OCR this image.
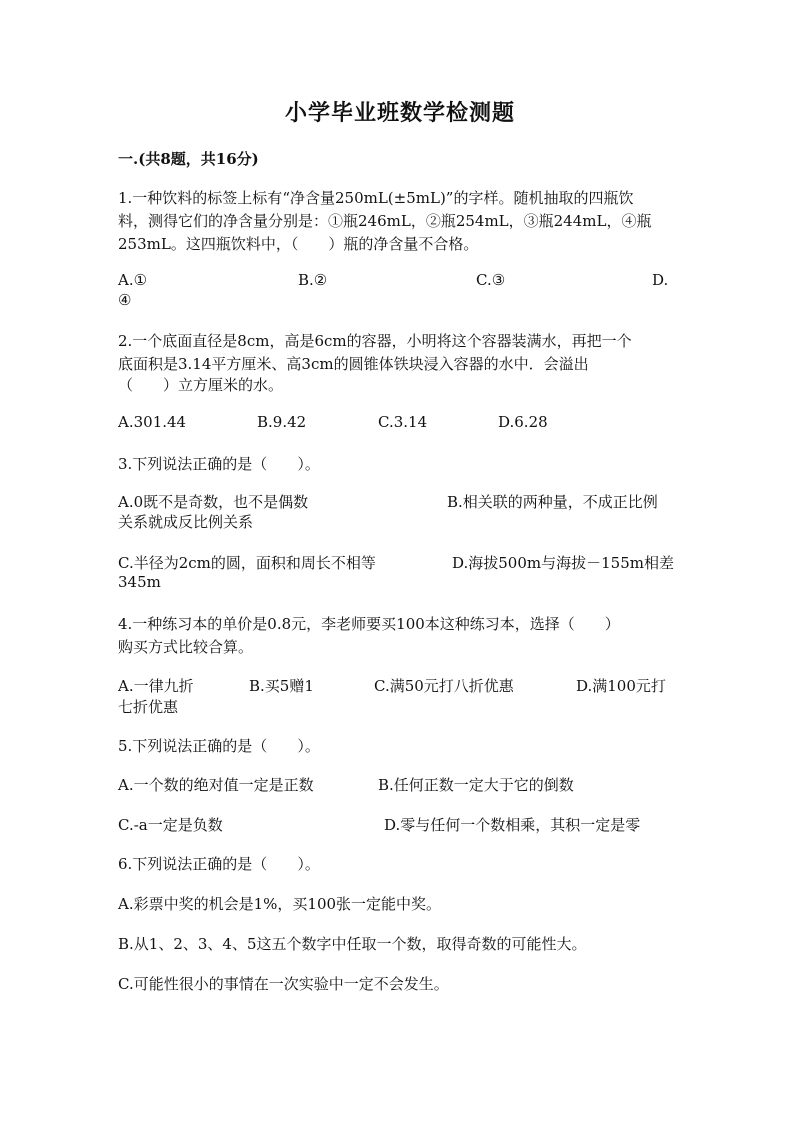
小学毕业班数学检测题
一.(共8题，共16分)
1.一种饮料的标签上标有“净含量250mL(±5mL)”的字样。随机抽取的四瓶饮
料，测得它们的净含量分别是：①瓶246mL，②瓶254mL，③瓶244mL，④瓶
253mL。这四瓶饮料中，（　　）瓶的净含量不合格。
A.①	B.②	C.③	D.
④
2.一个底面直径是8cm，高是6cm的容器，小明将这个容器装满水，再把一个
底面积是3.14平方厘米、高3cm的圆锥体铁块浸入容器的水中．会溢出
（　　）立方厘米的水。
A.301.44	B.9.42	C.3.14	D.6.28
3.下列说法正确的是（　　）。
A.0既不是奇数，也不是偶数	B.相关联的两种量，不成正比例
关系就成反比例关系
C.半径为2cm的圆，面积和周长不相等	D.海拔500m与海拔－155m相差
345m
4.一种练习本的单价是0.8元，李老师要买100本这种练习本，选择（　　）
购买方式比较合算。
A.一律九折	B.买5赠1	C.满50元打八折优惠	D.满100元打
七折优惠
5.下列说法正确的是（　　）。
A.一个数的绝对值一定是正数	B.任何正数一定大于它的倒数
C.-a一定是负数	D.零与任何一个数相乘，其积一定是零
6.下列说法正确的是（　　）。
A.彩票中奖的机会是1%，买100张一定能中奖。
B.从1、2、3、4、5这五个数字中任取一个数，取得奇数的可能性大。
C.可能性很小的事情在一次实验中一定不会发生。
